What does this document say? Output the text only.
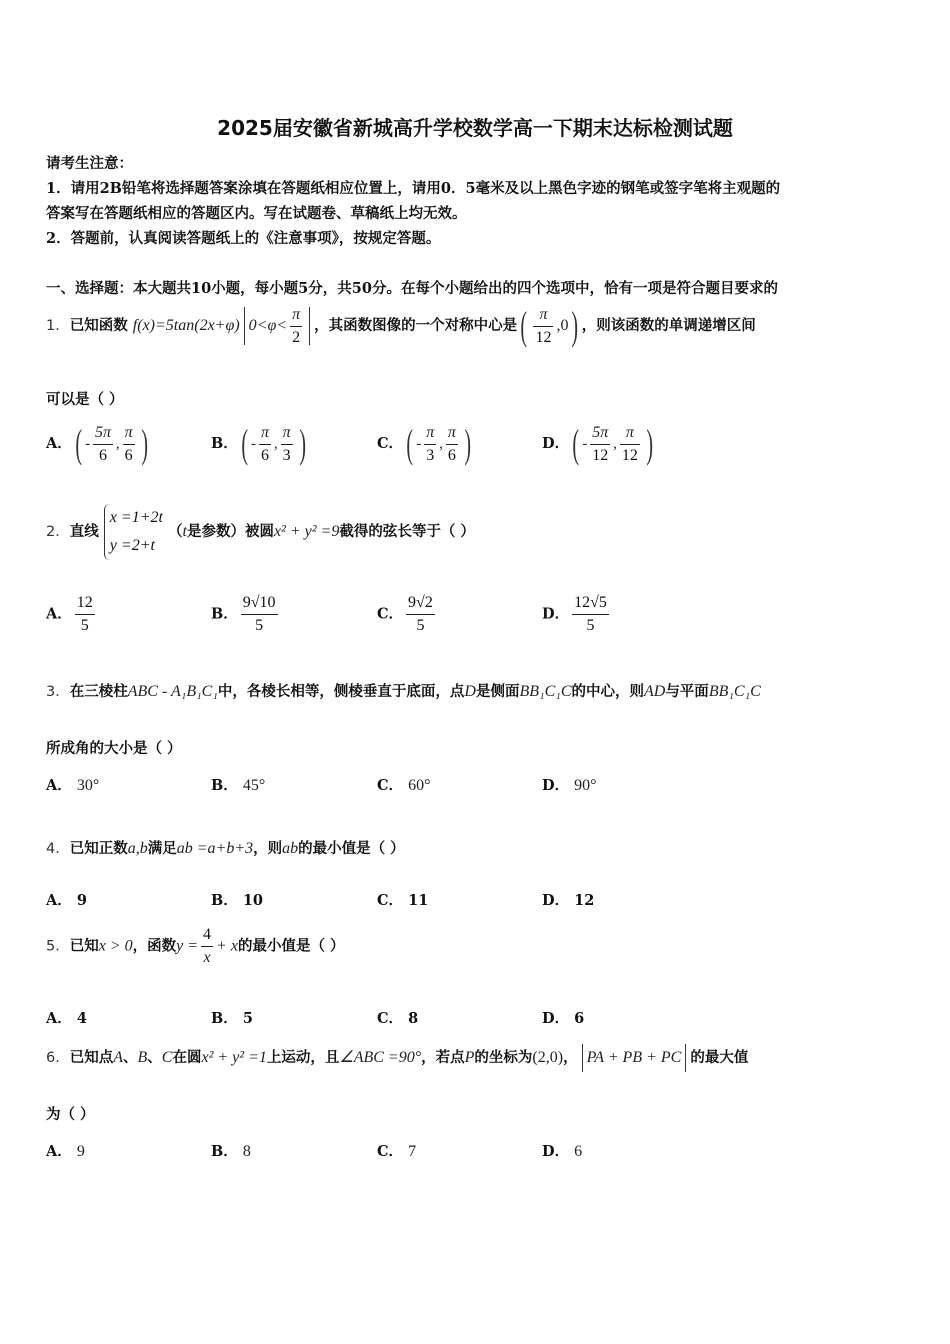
2025届安徽省新城高升学校数学高一下期末达标检测试题
请考生注意：
1．请用2B铅笔将选择题答案涂填在答题纸相应位置上，请用0．5毫米及以上黑色字迹的钢笔或签字笔将主观题的
答案写在答题纸相应的答题区内。写在试题卷、草稿纸上均无效。
2．答题前，认真阅读答题纸上的《注意事项》，按规定答题。
一、选择题：本大题共10小题，每小题5分，共50分。在每个小题给出的四个选项中，恰有一项是符合题目要求的
1．已知函数 f(x)=5tan(2x+φ) $0<\varphi< \frac{\pi}{2}$ ，其函数图像的一个对称中心是( $\frac{\pi}{12} ,0$) ，则该函数的单调递增区间
可以是（ ）
A．( - $\frac{5\pi}{6}$ , $\frac{\pi}{6}$ )	B．( - $\frac{\pi}{6}$ , $\frac{\pi}{3}$ )	C．( - $\frac{\pi}{3}$ , $\frac{\pi}{6}$ )	D．( - $\frac{5\pi}{12}$ , $\frac{\pi}{12}$ )
2．直线 x =1+2t
y =2+t （t是参数）被圆x² + y² =9截得的弦长等于（ ）
A． $\frac{12}{5}$	B． $\frac{9√10}{5}$	C． $\frac{9√2}{5}$	D． $\frac{12√5}{5}$
3．在三棱柱ABC - A₁B₁C₁中，各棱长相等，侧棱垂直于底面，点D是侧面BB₁C₁C的中心，则AD与平面BB₁C₁C
所成角的大小是（ ）
A． 30°	B． 45°	C． 60°	D． 90°
4．已知正数a,b满足ab =a+b+3，则ab的最小值是（ ）
A． 9	B． 10	C． 11	D． 12
5．已知x > 0，函数$y = \frac{4}{x} + x$的最小值是（ ）
A． 4	B． 5	C． 8	D． 6
6．已知点A、B、C在圆x² + y² =1上运动，且∠ABC =90°，若点P的坐标为(2,0)， PA + PB + PC 的最大值
为（ ）
A． 9	B． 8	C． 7	D． 6
